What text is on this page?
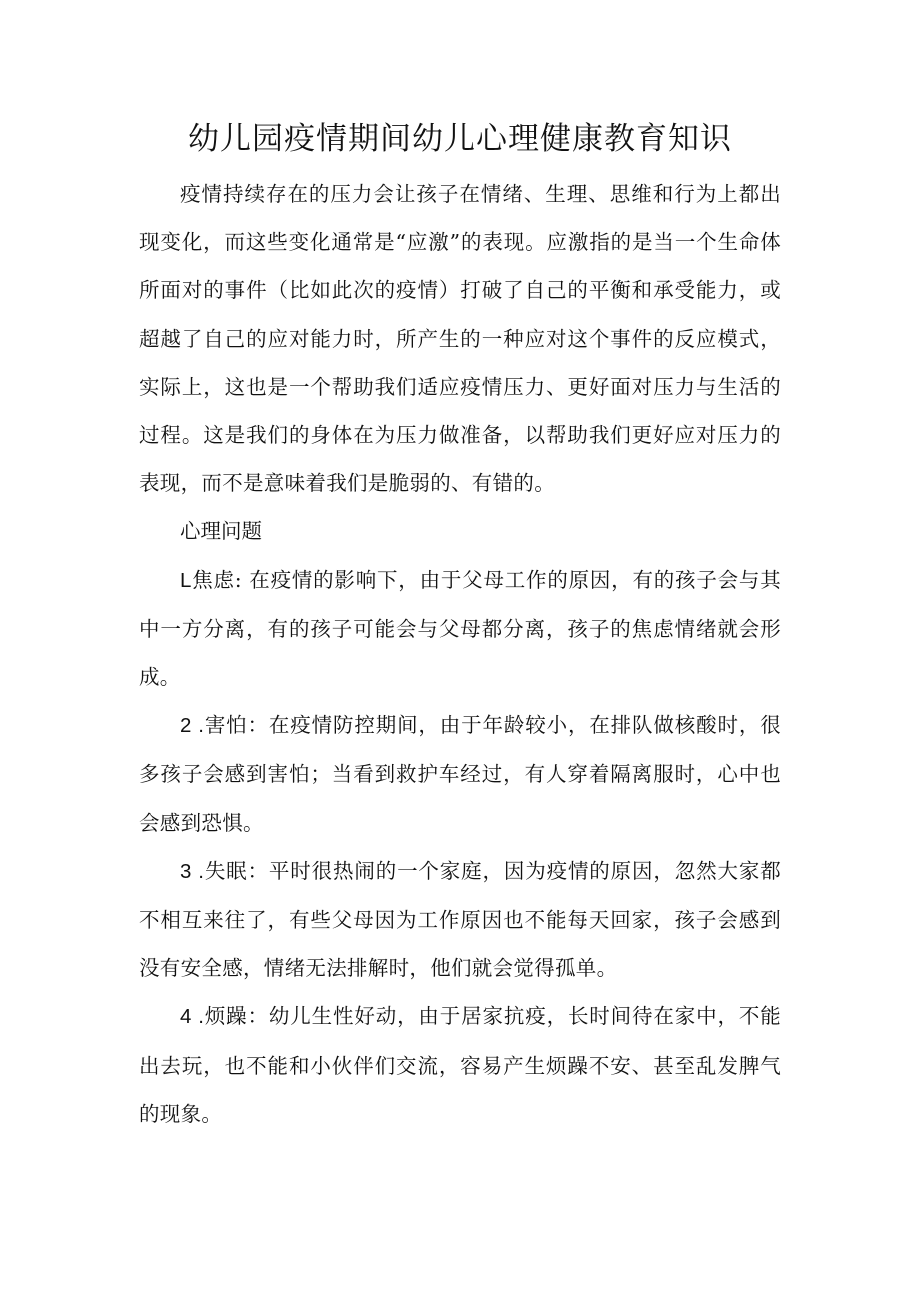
幼儿园疫情期间幼儿心理健康教育知识

疫情持续存在的压力会让孩子在情绪、生理、思维和行为上都出现变化，而这些变化通常是“应激”的表现。应激指的是当一个生命体所面对的事件（比如此次的疫情）打破了自己的平衡和承受能力，或超越了自己的应对能力时，所产生的一种应对这个事件的反应模式，实际上，这也是一个帮助我们适应疫情压力、更好面对压力与生活的过程。这是我们的身体在为压力做准备，以帮助我们更好应对压力的表现，而不是意味着我们是脆弱的、有错的。

心理问题

L焦虑: 在疫情的影响下，由于父母工作的原因，有的孩子会与其中一方分离，有的孩子可能会与父母都分离，孩子的焦虑情绪就会形成。

2 .害怕：在疫情防控期间，由于年龄较小，在排队做核酸时，很多孩子会感到害怕；当看到救护车经过，有人穿着隔离服时，心中也会感到恐惧。

3 .失眠：平时很热闹的一个家庭，因为疫情的原因，忽然大家都不相互来往了，有些父母因为工作原因也不能每天回家，孩子会感到没有安全感，情绪无法排解时，他们就会觉得孤单。

4 .烦躁：幼儿生性好动，由于居家抗疫，长时间待在家中，不能出去玩，也不能和小伙伴们交流，容易产生烦躁不安、甚至乱发脾气的现象。
